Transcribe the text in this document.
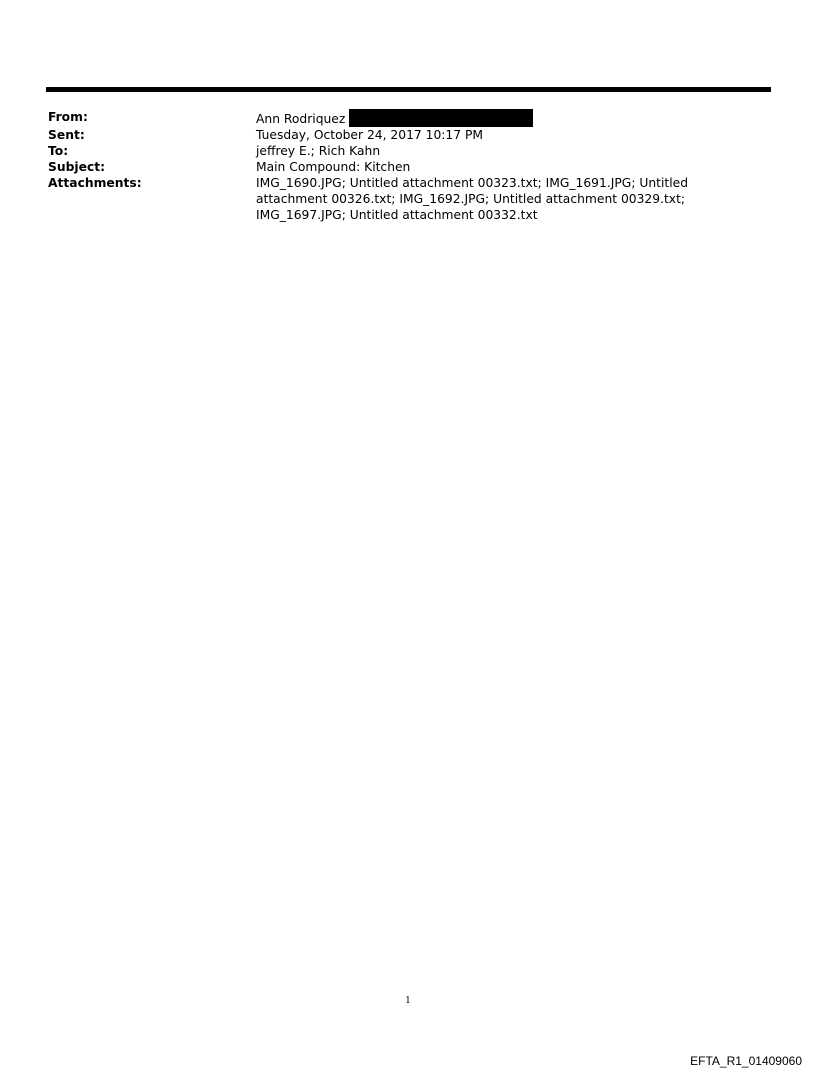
From:	Ann Rodriquez
Sent:	Tuesday, October 24, 2017 10:17 PM
To:	jeffrey E.; Rich Kahn
Subject:	Main Compound: Kitchen
Attachments:	IMG_1690.JPG; Untitled attachment 00323.txt; IMG_1691.JPG; Untitled attachment 00326.txt; IMG_1692.JPG; Untitled attachment 00329.txt; IMG_1697.JPG; Untitled attachment 00332.txt
1
EFTA_R1_01409060
